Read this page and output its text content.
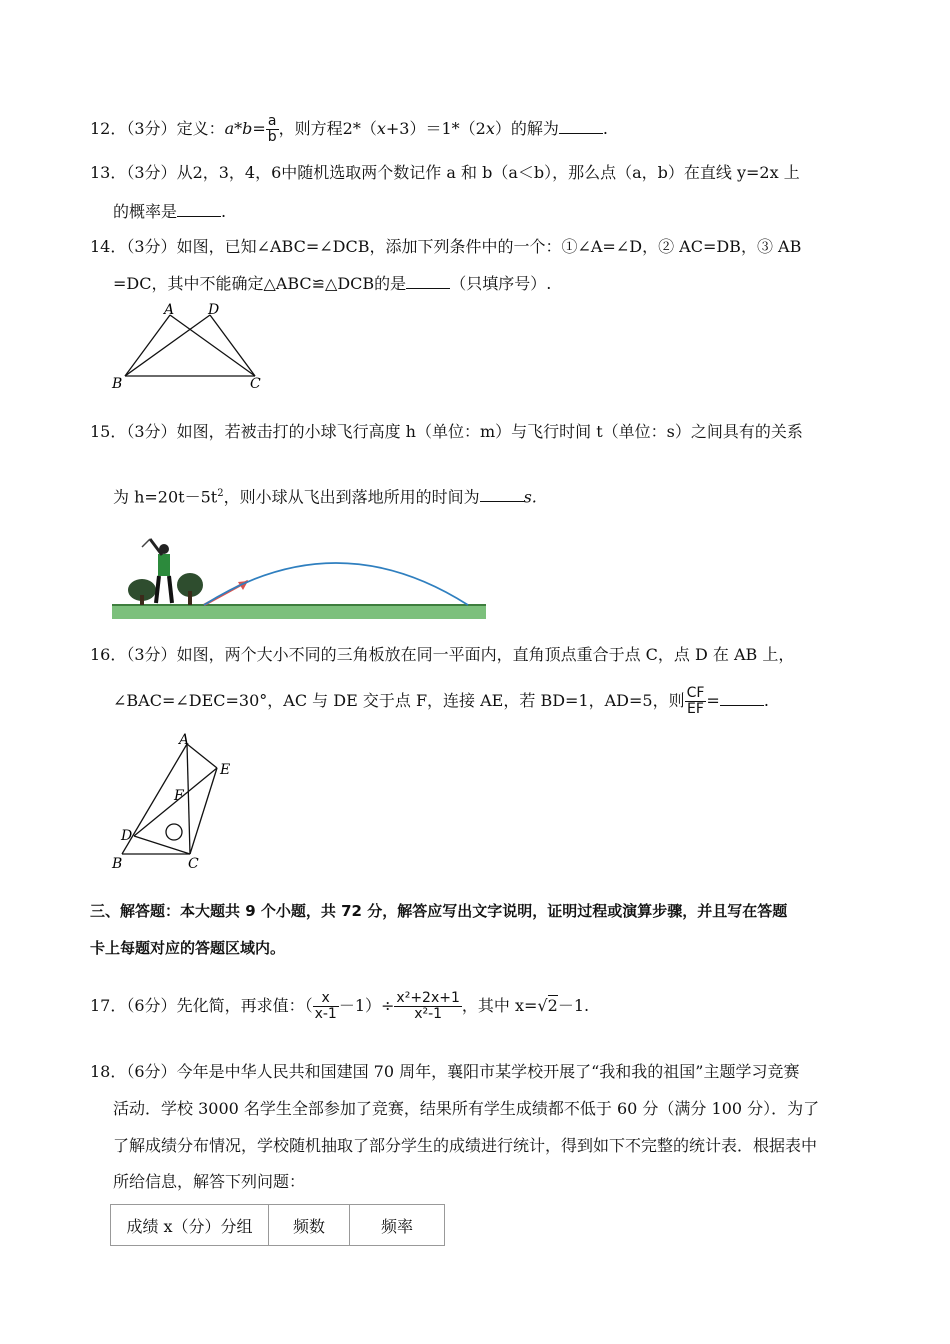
12．（3分）定义：$a*b= \frac{a}{b}$ ，则方程2*（x+3）＝1*（2x）的解为	.
13．（3分）从2，3，4，6中随机选取两个数记作 a 和 b（a＜b），那么点（a，b）在直线 y=2x 上
的概率是	.
14．（3分）如图，已知∠ABC=∠DCB，添加下列条件中的一个：①∠A=∠D，② AC=DB，③ AB
=DC，其中不能确定△ABC≌△DCB的是	（只填序号）.
A D
B	C
15．（3分）如图，若被击打的小球飞行高度 h（单位：m）与飞行时间 t（单位：s）之间具有的关系
为 $h=20t-5t^2$，则小球从飞出到落地所用的时间为	s.
16．（3分）如图，两个大小不同的三角板放在同一平面内，直角顶点重合于点 C，点 D 在 AB 上，
∠BAC=∠DEC=30°，AC 与 DE 交于点 F，连接 AE，若 BD=1，AD=5，则 $\frac{CF}{EF}$ =	.
A
E
F
D
B	C
三、解答题：本大题共 9 个小题，共 72 分，解答应写出文字说明，证明过程或演算步骤，并且写在答题
卡上每题对应的答题区域内。
17．（6分）先化简，再求值：（ $\frac{x}{x-1} -1)\div \frac{\text{x²+2x+1}}{\text{x²-1}}$ ，其中 x=√2－1.
18．（6分）今年是中华人民共和国建国 70 周年，襄阳市某学校开展了“我和我的祖国”主题学习竞赛
活动．学校 3000 名学生全部参加了竞赛，结果所有学生成绩都不低于 60 分（满分 100 分）．为了
了解成绩分布情况，学校随机抽取了部分学生的成绩进行统计，得到如下不完整的统计表．根据表中
所给信息，解答下列问题：
成绩 x（分）分组	频数	频率
